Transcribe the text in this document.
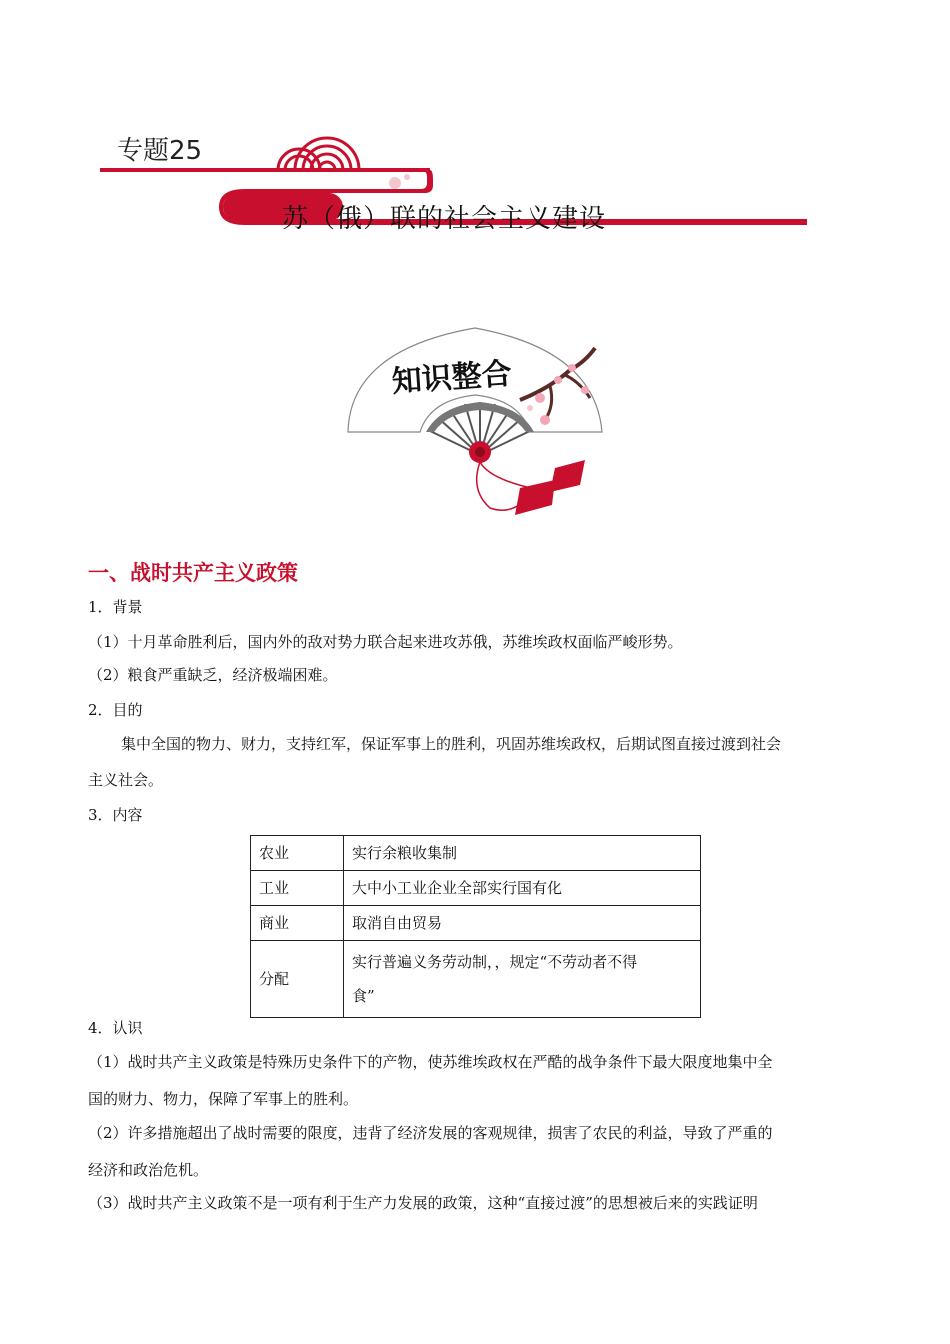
专题25
苏（俄）联的社会主义建设
知识整合
一、战时共产主义政策
1．背景
（1）十月革命胜利后，国内外的敌对势力联合起来进攻苏俄，苏维埃政权面临严峻形势。
（2）粮食严重缺乏，经济极端困难。
2．目的
集中全国的物力、财力，支持红军，保证军事上的胜利，巩固苏维埃政权，后期试图直接过渡到社会
主义社会。
3．内容
农业	实行余粮收集制
工业	大中小工业企业全部实行国有化
商业	取消自由贸易
分配	实行普遍义务劳动制，，规定“不劳动者不得
食”
4．认识
（1）战时共产主义政策是特殊历史条件下的产物，使苏维埃政权在严酷的战争条件下最大限度地集中全
国的财力、物力，保障了军事上的胜利。
（2）许多措施超出了战时需要的限度，违背了经济发展的客观规律，损害了农民的利益，导致了严重的
经济和政治危机。
（3）战时共产主义政策不是一项有利于生产力发展的政策，这种“直接过渡”的思想被后来的实践证明
